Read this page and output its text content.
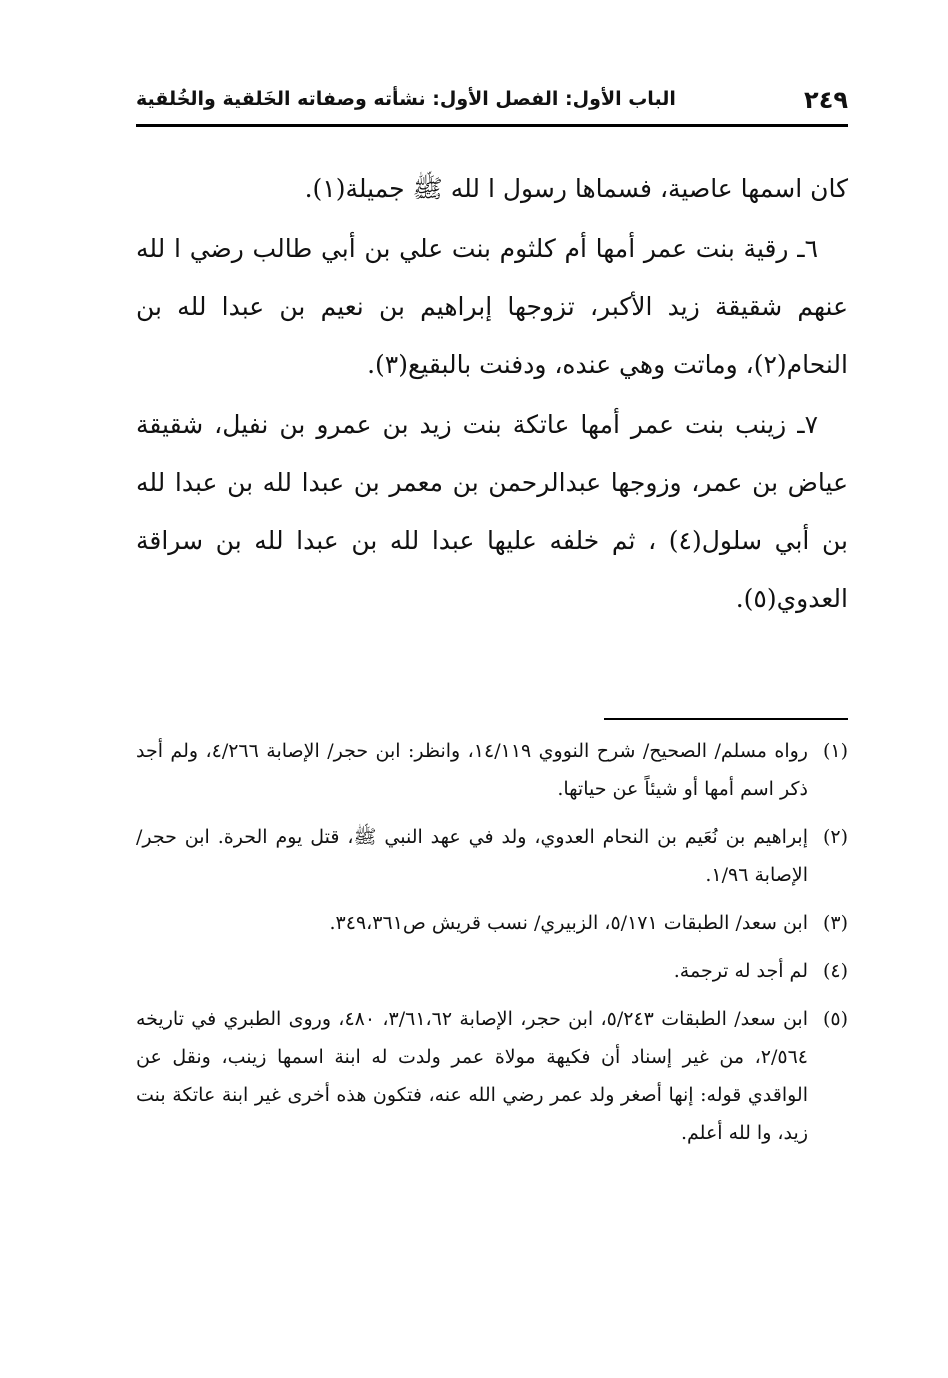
٢٤٩
الباب الأول: الفصل الأول: نشأته وصفاته الخَلقية والخُلقية

كان اسمها عاصية، فسماها رسول ا لله ﷺ جميلة(١).

٦ـ رقية بنت عمر أمها أم كلثوم بنت علي بن أبي طالب رضي ا لله عنهم شقيقة زيد الأكبر، تزوجها إبراهيم بن نعيم بن عبدا لله بن النحام(٢)، وماتت وهي عنده، ودفنت بالبقيع(٣).

٧ـ زينب بنت عمر أمها عاتكة بنت زيد بن عمرو بن نفيل، شقيقة عياض بن عمر، وزوجها عبدالرحمن بن معمر بن عبدا لله بن عبدا لله بن أبي سلول(٤) ، ثم خلفه عليها عبدا لله بن عبدا لله بن سراقة العدوي(٥).

(١)
رواه مسلم/ الصحيح/ شرح النووي ١٤/١١٩، وانظر: ابن حجر/ الإصابة ٤/٢٦٦، ولم أجد ذكر اسم أمها أو شيئاً عن حياتها.
(٢)
إبراهيم بن نُعَيم بن النحام العدوي، ولد في عهد النبي ﷺ، قتل يوم الحرة. ابن حجر/ الإصابة ١/٩٦.
(٣)
ابن سعد/ الطبقات ٥/١٧١، الزبيري/ نسب قريش ص٣٤٩،٣٦١.
(٤)
لم أجد له ترجمة.
(٥)
ابن سعد/ الطبقات ٥/٢٤٣، ابن حجر، الإصابة ٣/٦١،٦٢، ٤٨٠، وروى الطبري في تاريخه ٢/٥٦٤، من غير إسناد أن فكيهة مولاة عمر ولدت له ابنة اسمها زينب، ونقل عن الواقدي قوله: إنها أصغر ولد عمر رضي الله عنه، فتكون هذه أخرى غير ابنة عاتكة بنت زيد، وا لله أعلم.
